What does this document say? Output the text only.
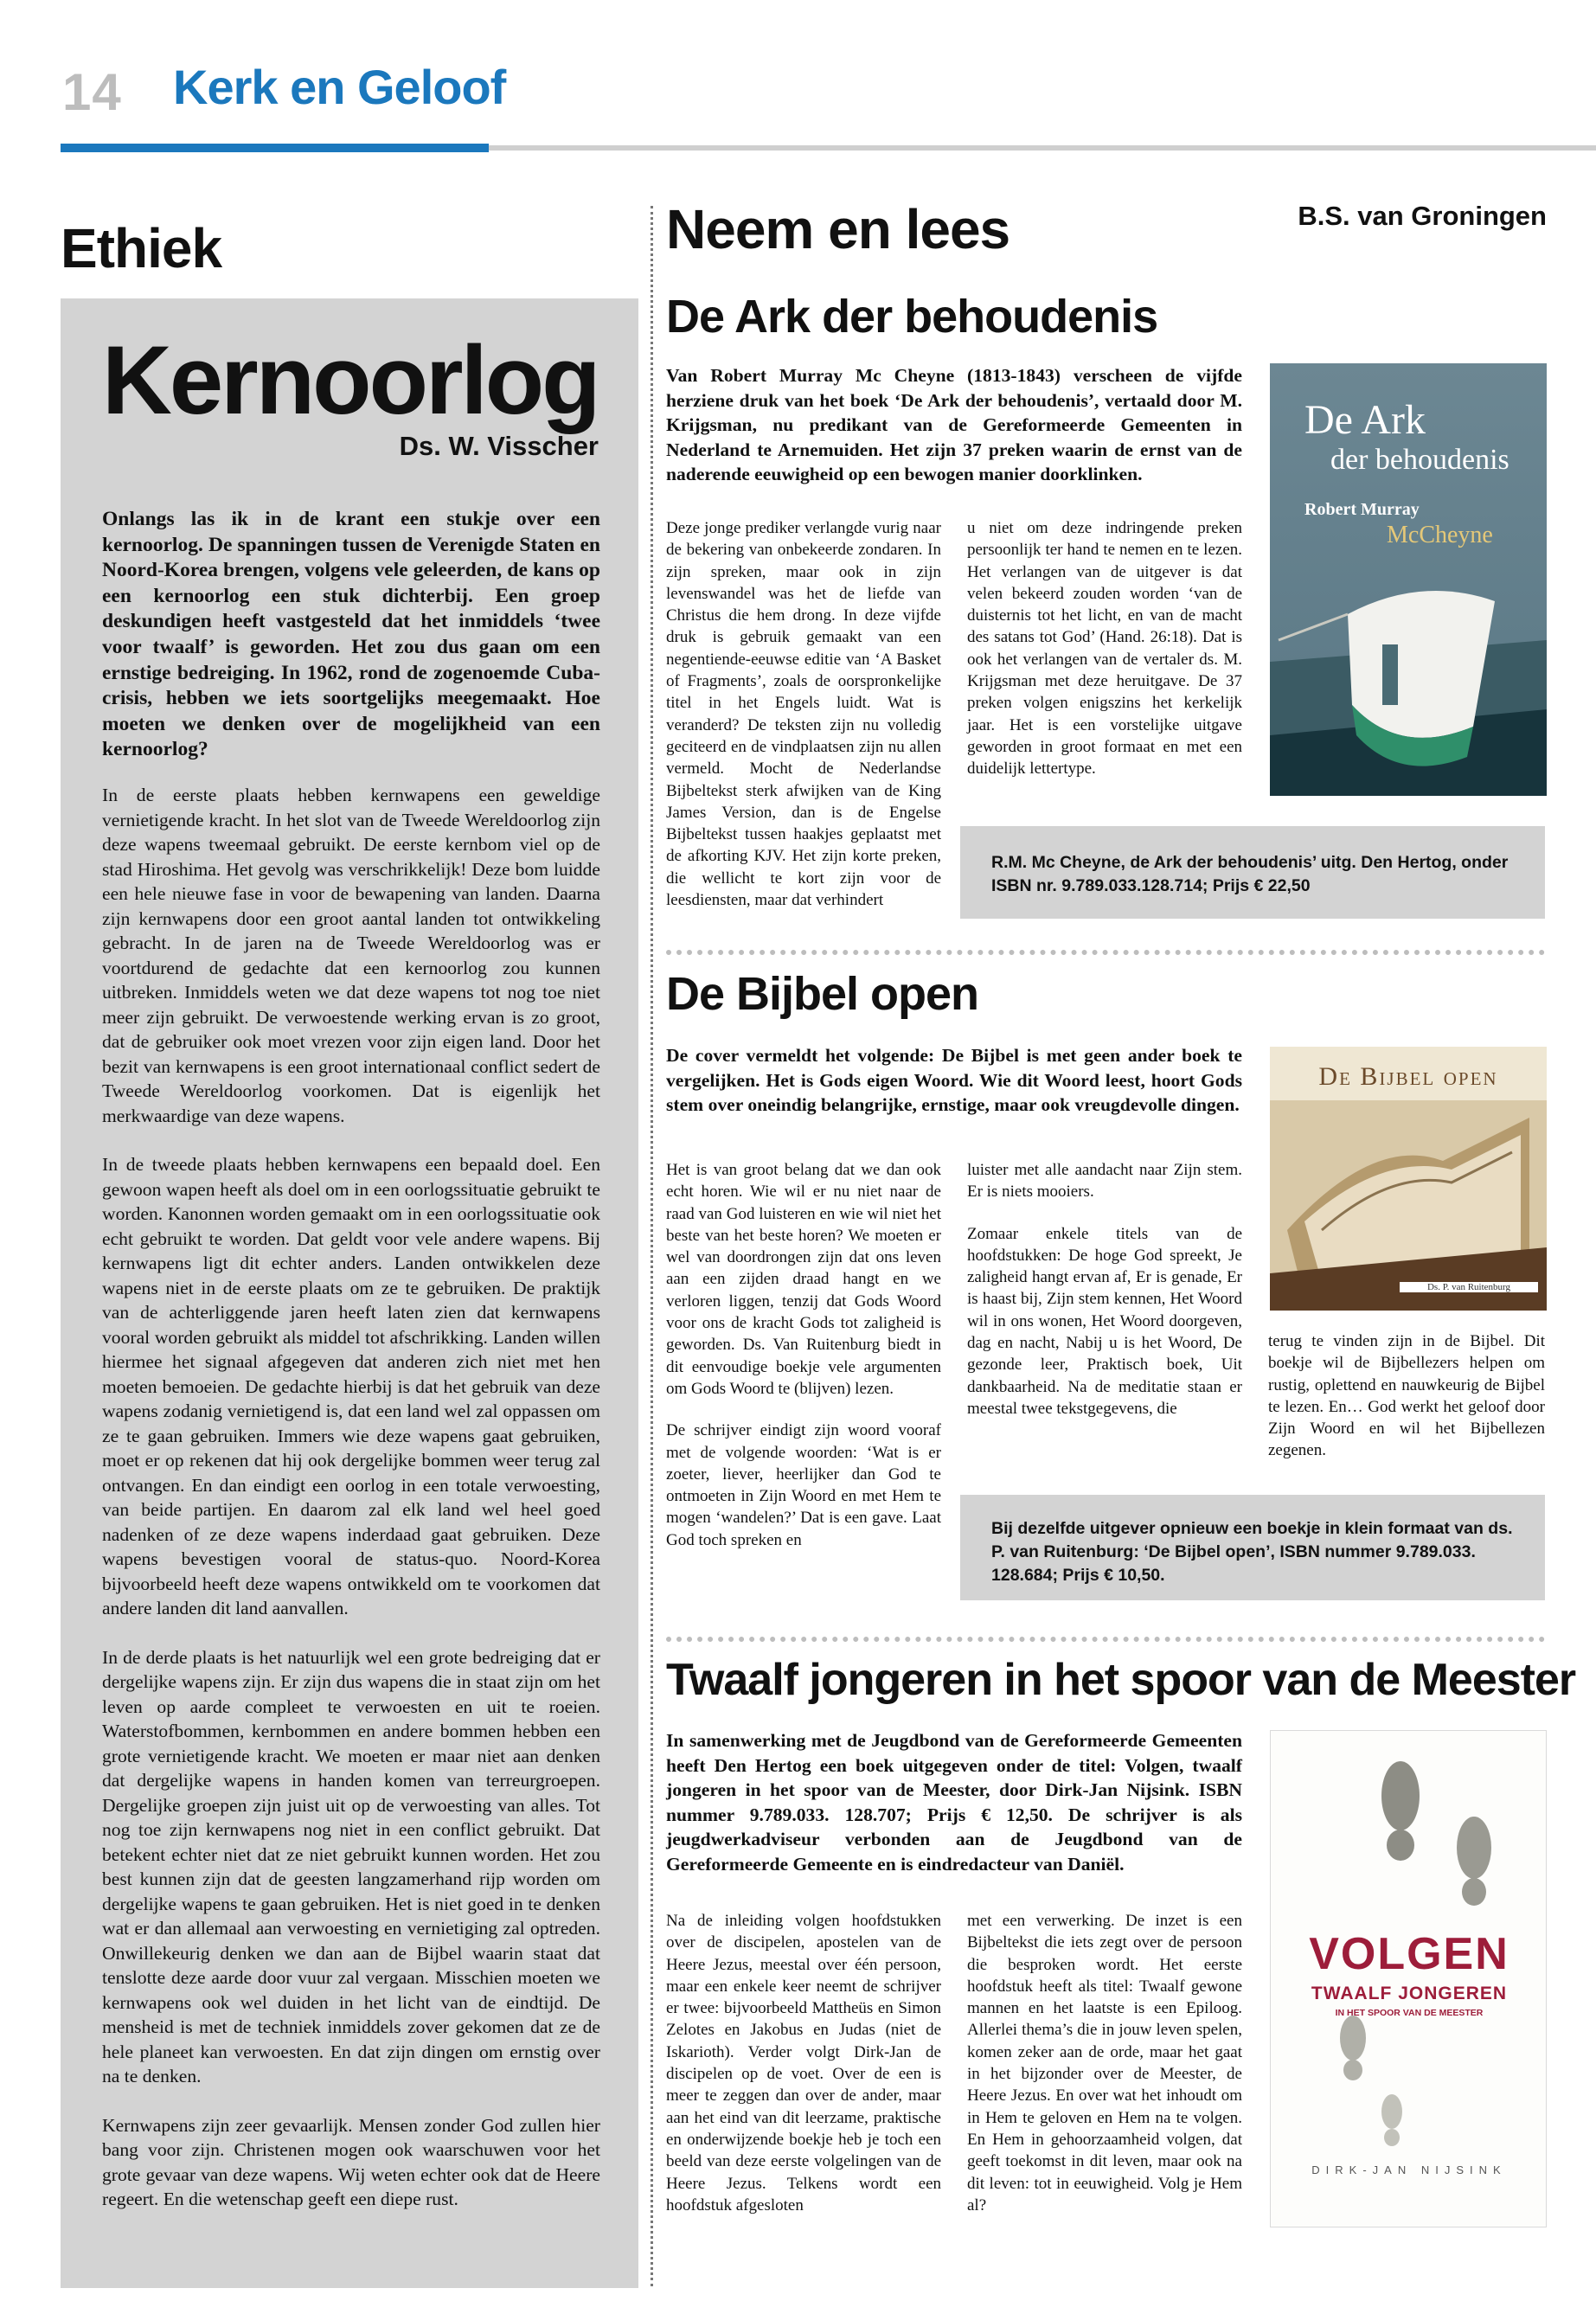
14 Kerk en Geloof
Ethiek
Kernoorlog
Ds. W. Visscher
Onlangs las ik in de krant een stukje over een kernoorlog. De spanningen tussen de Verenigde Staten en Noord-Korea brengen, volgens vele geleerden, de kans op een kernoorlog een stuk dichterbij. Een groep deskundigen heeft vastgesteld dat het inmiddels ‘twee voor twaalf’ is geworden. Het zou dus gaan om een ernstige bedreiging. In 1962, rond de zogenoemde Cuba-crisis, hebben we iets soortgelijks meegemaakt. Hoe moeten we denken over de mogelijkheid van een kernoorlog?

In de eerste plaats hebben kernwapens een geweldige vernietigende kracht. In het slot van de Tweede Wereldoorlog zijn deze wapens tweemaal gebruikt. De eerste kernbom viel op de stad Hiroshima. Het gevolg was verschrikkelijk! Deze bom luidde een hele nieuwe fase in voor de bewapening van landen. Daarna zijn kernwapens door een groot aantal landen tot ontwikkeling gebracht. In de jaren na de Tweede Wereldoorlog was er voortdurend de gedachte dat een kernoorlog zou kunnen uitbreken. Inmiddels weten we dat deze wapens tot nog toe niet meer zijn gebruikt. De verwoestende werking ervan is zo groot, dat de gebruiker ook moet vrezen voor zijn eigen land. Door het bezit van kernwapens is een groot internationaal conflict sedert de Tweede Wereldoorlog voorkomen. Dat is eigenlijk het merkwaardige van deze wapens.

In de tweede plaats hebben kernwapens een bepaald doel. Een gewoon wapen heeft als doel om in een oorlogssituatie gebruikt te worden. Kanonnen worden gemaakt om in een oorlogssituatie ook echt gebruikt te worden. Dat geldt voor vele andere wapens. Bij kernwapens ligt dit echter anders. Landen ontwikkelen deze wapens niet in de eerste plaats om ze te gebruiken. De praktijk van de achterliggende jaren heeft laten zien dat kernwapens vooral worden gebruikt als middel tot afschrikking. Landen willen hiermee het signaal afgegeven dat anderen zich niet met hen moeten bemoeien. De gedachte hierbij is dat het gebruik van deze wapens zodanig vernietigend is, dat een land wel zal oppassen om ze te gaan gebruiken. Immers wie deze wapens gaat gebruiken, moet er op rekenen dat hij ook dergelijke bommen weer terug zal ontvangen. En dan eindigt een oorlog in een totale verwoesting, van beide partijen. En daarom zal elk land wel heel goed nadenken of ze deze wapens inderdaad gaat gebruiken. Deze wapens bevestigen vooral de status-quo. Noord-Korea bijvoorbeeld heeft deze wapens ontwikkeld om te voorkomen dat andere landen dit land aanvallen.

In de derde plaats is het natuurlijk wel een grote bedreiging dat er dergelijke wapens zijn. Er zijn dus wapens die in staat zijn om het leven op aarde compleet te verwoesten en uit te roeien. Waterstofbommen, kernbommen en andere bommen hebben een grote vernietigende kracht. We moeten er maar niet aan denken dat dergelijke wapens in handen komen van terreurgroepen. Dergelijke groepen zijn juist uit op de verwoesting van alles. Tot nog toe zijn kernwapens nog niet in een conflict gebruikt. Dat betekent echter niet dat ze niet gebruikt kunnen worden. Het zou best kunnen zijn dat de geesten langzamerhand rijp worden om dergelijke wapens te gaan gebruiken. Het is niet goed in te denken wat er dan allemaal aan verwoesting en vernietiging zal optreden. Onwillekeurig denken we dan aan de Bijbel waarin staat dat tenslotte deze aarde door vuur zal vergaan. Misschien moeten we kernwapens ook wel duiden in het licht van de eindtijd. De mensheid is met de techniek inmiddels zover gekomen dat ze de hele planeet kan verwoesten. En dat zijn dingen om ernstig over na te denken.

Kernwapens zijn zeer gevaarlijk. Mensen zonder God zullen hier bang voor zijn. Christenen mogen ook waarschuwen voor het grote gevaar van deze wapens. Wij weten echter ook dat de Heere regeert. En die wetenschap geeft een diepe rust.

Neem en lees	B.S. van Groningen
De Ark der behoudenis
Van Robert Murray Mc Cheyne (1813-1843) verscheen de vijfde herziene druk van het boek ‘De Ark der behoudenis’, vertaald door M. Krijgsman, nu predikant van de Gereformeerde Gemeenten in Nederland te Arnemuiden. Het zijn 37 preken waarin de ernst van de naderende eeuwigheid op een bewogen manier doorklinken.
Deze jonge prediker verlangde vurig naar de bekering van onbekeerde zondaren. In zijn spreken, maar ook in zijn levenswandel was het de liefde van Christus die hem drong. In deze vijfde druk is gebruik gemaakt van een negentiende-eeuwse editie van ‘A Basket of Fragments’, zoals de oorspronkelijke titel in het Engels luidt. Wat is veranderd? De teksten zijn nu volledig geciteerd en de vindplaatsen zijn nu allen vermeld. Mocht de Nederlandse Bijbeltekst sterk afwijken van de King James Version, dan is de Engelse Bijbeltekst tussen haakjes geplaatst met de afkorting KJV. Het zijn korte preken, die wellicht te kort zijn voor de leesdiensten, maar dat verhindert
u niet om deze indringende preken persoonlijk ter hand te nemen en te lezen. Het verlangen van de uitgever is dat velen bekeerd zouden worden ‘van de duisternis tot het licht, en van de macht des satans tot God’ (Hand. 26:18). Dat is ook het verlangen van de vertaler ds. M. Krijgsman met deze heruitgave. De 37 preken volgen enigszins het kerkelijk jaar. Het is een vorstelijke uitgave geworden in groot formaat en met een duidelijk lettertype.
De Ark
der behoudenis
Robert Murray
McCheyne
R.M. Mc Cheyne, de Ark der behoudenis’ uitg. Den Hertog, onder ISBN nr. 9.789.033.128.714; Prijs € 22,50
De Bijbel open
De cover vermeldt het volgende: De Bijbel is met geen ander boek te vergelijken. Het is Gods eigen Woord. Wie dit Woord leest, hoort Gods stem over oneindig belangrijke, ernstige, maar ook vreugdevolle dingen.

Het is van groot belang dat we dan ook echt horen. Wie wil er nu niet naar de raad van God luisteren en wie wil niet het beste van het beste horen? We moeten er wel van doordrongen zijn dat ons leven aan een zijden draad hangt en we verloren liggen, tenzij dat Gods Woord voor ons de kracht Gods tot zaligheid is geworden. Ds. Van Ruitenburg biedt in dit eenvoudige boekje vele argumenten om Gods Woord te (blijven) lezen.

De schrijver eindigt zijn woord vooraf met de volgende woorden: ‘Wat is er zoeter, liever, heerlijker dan God te ontmoeten in Zijn Woord en met Hem te mogen ‘wandelen?’ Dat is een gave. Laat God toch spreken en

luister met alle aandacht naar Zijn stem. Er is niets mooiers.

Zomaar enkele titels van de hoofdstukken: De hoge God spreekt, Je zaligheid hangt ervan af, Er is genade, Er is haast bij, Zijn stem kennen, Het Woord wil in ons wonen, Het Woord doorgeven, dag en nacht, Nabij u is het Woord, De gezonde leer, Praktisch boek, Uit dankbaarheid. Na de meditatie staan er meestal twee tekstgegevens, die

terug te vinden zijn in de Bijbel. Dit boekje wil de Bijbellezers helpen om rustig, oplettend en nauwkeurig de Bijbel te lezen. En… God werkt het geloof door Zijn Woord en wil het Bijbellezen zegenen.
De Bijbel open
Ds. P. van Ruitenburg
Bij dezelfde uitgever opnieuw een boekje in klein formaat van ds. P. van Ruitenburg: ‘De Bijbel open’, ISBN nummer 9.789.033. 128.684; Prijs € 10,50.
Twaalf jongeren in het spoor van de Meester
In samenwerking met de Jeugdbond van de Gereformeerde Gemeenten heeft Den Hertog een boek uitgegeven onder de titel: Volgen, twaalf jongeren in het spoor van de Meester, door Dirk-Jan Nijsink. ISBN nummer 9.789.033. 128.707; Prijs € 12,50. De schrijver is als jeugdwerkadviseur verbonden aan de Jeugdbond van de Gereformeerde Gemeente en is eindredacteur van Daniël.
Na de inleiding volgen hoofdstukken over de discipelen, apostelen van de Heere Jezus, meestal over één persoon, maar een enkele keer neemt de schrijver er twee: bijvoorbeeld Mattheüs en Simon Zelotes en Jakobus en Judas (niet de Iskarioth). Verder volgt Dirk-Jan de discipelen op de voet. Over de een is meer te zeggen dan over de ander, maar aan het eind van dit leerzame, praktische en onderwijzende boekje heb je toch een beeld van deze eerste volgelingen van de Heere Jezus. Telkens wordt een hoofdstuk afgesloten
met een verwerking. De inzet is een Bijbeltekst die iets zegt over de persoon die besproken wordt. Het eerste hoofdstuk heeft als titel: Twaalf gewone mannen en het laatste is een Epiloog. Allerlei thema’s die in jouw leven spelen, komen zeker aan de orde, maar het gaat in het bijzonder over de Meester, de Heere Jezus. En over wat het inhoudt om in Hem te geloven en Hem na te volgen. En Hem in gehoorzaamheid volgen, dat geeft toekomst in dit leven, maar ook na dit leven: tot in eeuwigheid. Volg je Hem al?
VOLGEN
TWAALF JONGEREN
IN HET SPOOR VAN DE MEESTER
DIRK-JAN NIJSINK
